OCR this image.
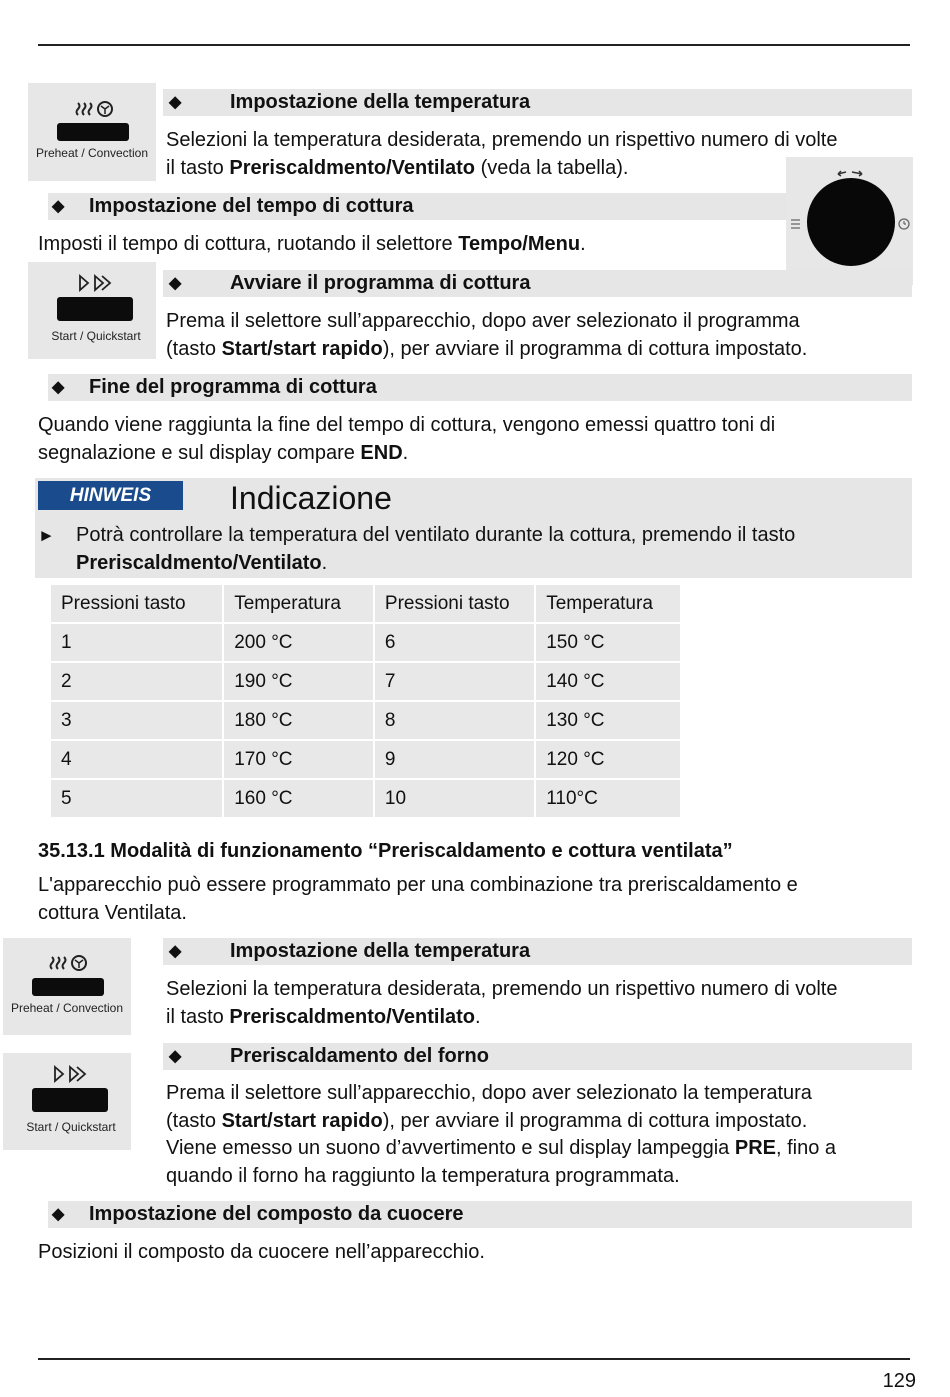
Preheat / Convection
◆ Impostazione della temperatura
Selezioni la temperatura desiderata, premendo un rispettivo numero di volte
il tasto Preriscaldmento/Ventilato (veda la tabella).
◆ Impostazione del tempo di cottura
Imposti il tempo di cottura, ruotando il selettore Tempo/Menu.
Start / Quickstart
◆ Avviare il programma di cottura
Prema il selettore sull’apparecchio, dopo aver selezionato il programma
(tasto Start/start rapido), per avviare il programma di cottura impostato.
◆ Fine del programma di cottura
Quando viene raggiunta la fine del tempo di cottura, vengono emessi quattro toni di
segnalazione e sul display compare END.
HINWEIS	Indicazione
► Potrà controllare la temperatura del ventilato durante la cottura, premendo il tasto
Preriscaldmento/Ventilato.
Pressioni tasto	Temperatura	Pressioni tasto	Temperatura
1	200 °C	6	150 °C
2	190 °C	7	140 °C
3	180 °C	8	130 °C
4	170 °C	9	120 °C
5	160 °C	10	110°C
35.13.1 Modalità di funzionamento “Preriscaldamento e cottura ventilata”
L'apparecchio può essere programmato per una combinazione tra preriscaldamento e
cottura Ventilata.
Preheat / Convection
◆ Impostazione della temperatura
Selezioni la temperatura desiderata, premendo un rispettivo numero di volte
il tasto Preriscaldmento/Ventilato.
Start / Quickstart
◆ Preriscaldamento del forno
Prema il selettore sull’apparecchio, dopo aver selezionato la temperatura
(tasto Start/start rapido), per avviare il programma di cottura impostato.
Viene emesso un suono d’avvertimento e sul display lampeggia PRE, fino a
quando il forno ha raggiunto la temperatura programmata.
◆ Impostazione del composto da cuocere
Posizioni il composto da cuocere nell’apparecchio.
129
